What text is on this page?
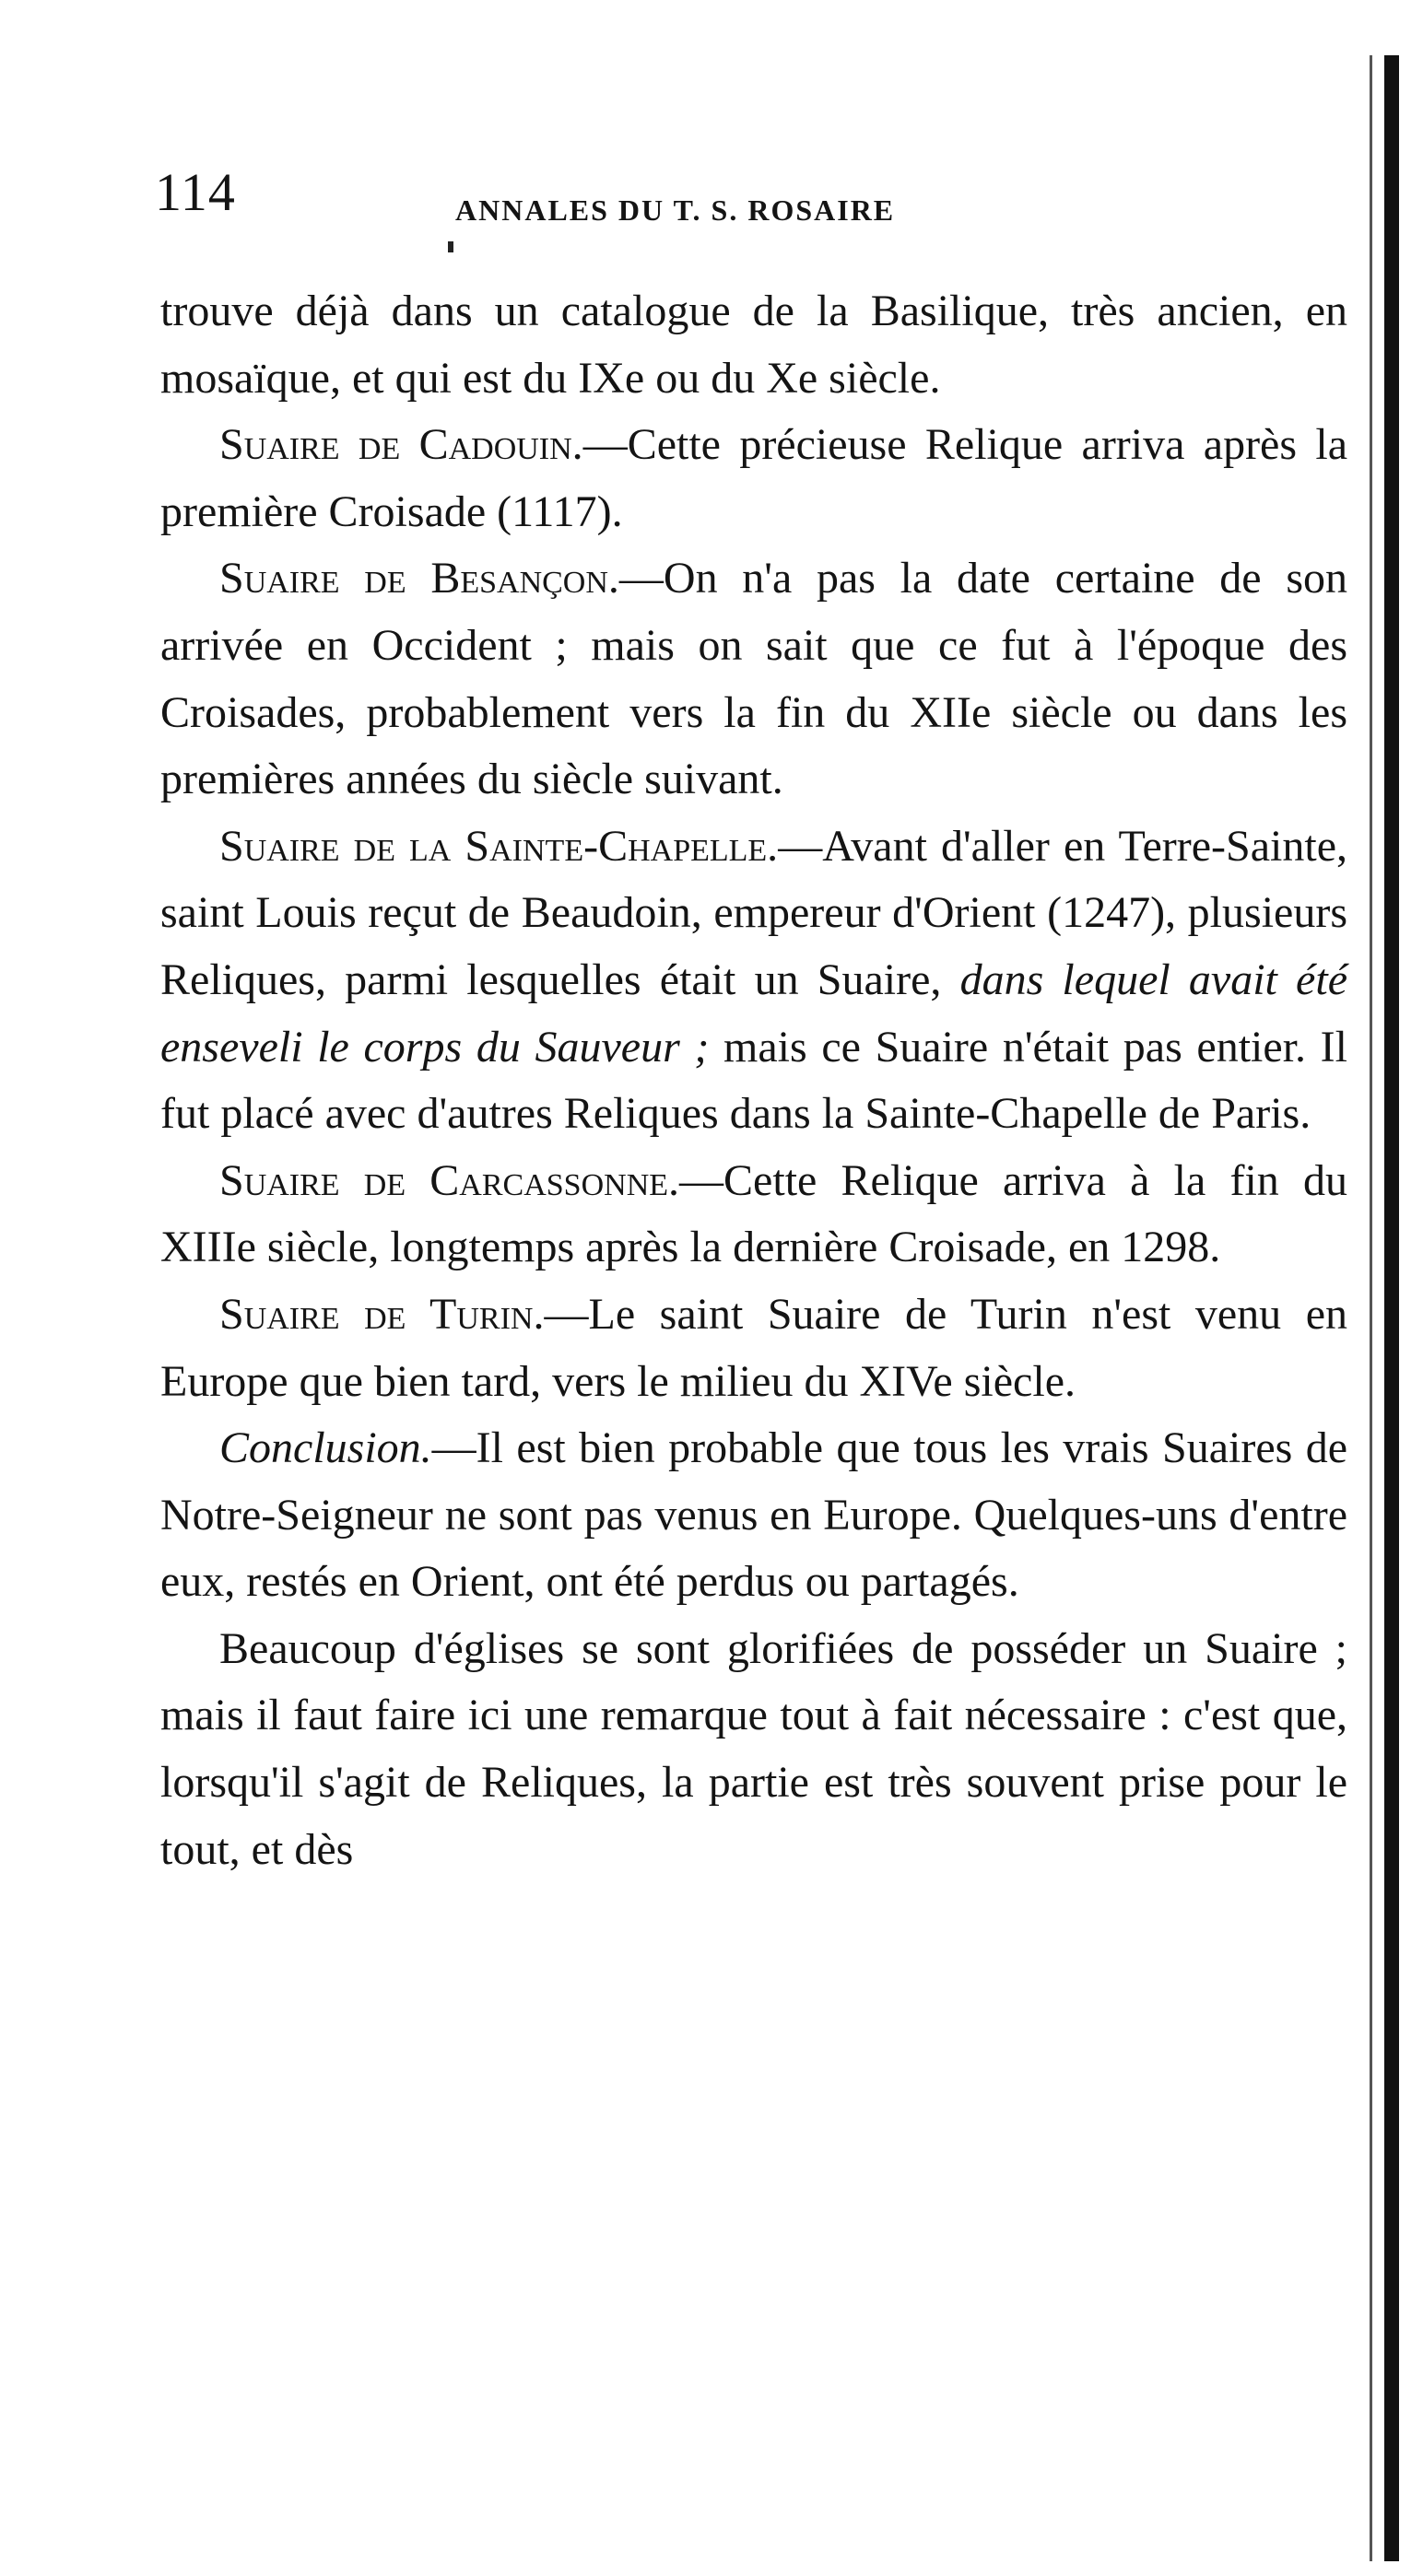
114	ANNALES DU T. S. ROSAIRE

trouve déjà dans un catalogue de la Basilique, très ancien, en mosaïque, et qui est du IXe ou du Xe siècle.

Suaire de Cadouin.—Cette précieuse Relique arriva après la première Croisade (1117).

Suaire de Besançon.—On n'a pas la date certaine de son arrivée en Occident ; mais on sait que ce fut à l'époque des Croisades, probablement vers la fin du XIIe siècle ou dans les premières années du siècle suivant.

Suaire de la Sainte-Chapelle.—Avant d'aller en Terre-Sainte, saint Louis reçut de Beaudoin, empereur d'Orient (1247), plusieurs Reliques, parmi lesquelles était un Suaire, dans lequel avait été enseveli le corps du Sauveur ; mais ce Suaire n'était pas entier. Il fut placé avec d'autres Reliques dans la Sainte-Chapelle de Paris.

Suaire de Carcassonne.—Cette Relique arriva à la fin du XIIIe siècle, longtemps après la dernière Croisade, en 1298.

Suaire de Turin.—Le saint Suaire de Turin n'est venu en Europe que bien tard, vers le milieu du XIVe siècle.

Conclusion.—Il est bien probable que tous les vrais Suaires de Notre-Seigneur ne sont pas venus en Europe. Quelques-uns d'entre eux, restés en Orient, ont été perdus ou partagés.

Beaucoup d'églises se sont glorifiées de posséder un Suaire ; mais il faut faire ici une remarque tout à fait nécessaire : c'est que, lorsqu'il s'agit de Reliques, la partie est très souvent prise pour le tout, et dès
